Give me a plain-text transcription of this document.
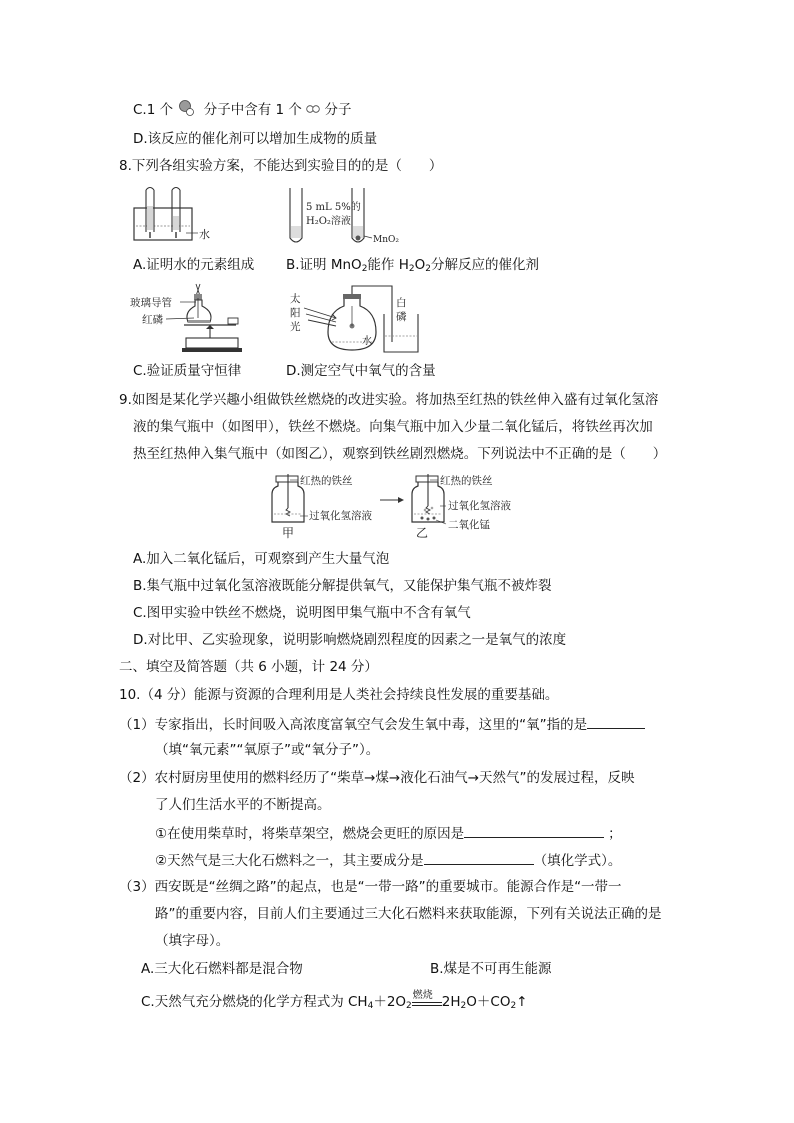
C.1 个 分子中含有 1 个 分子
D.该反应的催化剂可以增加生成物的质量
8.下列各组实验方案，不能达到实验目的的是（　　）
水
5 mL 5%的
H₂O₂溶液
MnO₂
A.证明水的元素组成 B.证明 MnO$_2$能作 $H_2O_2$分解反应的催化剂
玻璃导管
红磷
太
阳
光
白
磷
水
C.验证质量守恒律	D.测定空气中氧气的含量
9.如图是某化学兴趣小组做铁丝燃烧的改进实验。将加热至红热的铁丝伸入盛有过氧化氢溶
液的集气瓶中（如图甲），铁丝不燃烧。向集气瓶中加入少量二氧化锰后，将铁丝再次加
热至红热伸入集气瓶中（如图乙），观察到铁丝剧烈燃烧。下列说法中不正确的是（　　）
红热的铁丝
过氧化氢溶液
甲
红热的铁丝
过氧化氢溶液
二氧化锰
乙
A.加入二氧化锰后，可观察到产生大量气泡
B.集气瓶中过氧化氢溶液既能分解提供氧气，又能保护集气瓶不被炸裂
C.图甲实验中铁丝不燃烧，说明图甲集气瓶中不含有氧气
D.对比甲、乙实验现象，说明影响燃烧剧烈程度的因素之一是氧气的浓度
二、填空及简答题（共 6 小题，计 24 分）
10.（4 分）能源与资源的合理利用是人类社会持续良性发展的重要基础。
（1）专家指出，长时间吸入高浓度富氧空气会发生氧中毒，这里的“氧”指的是
（填“氧元素”“氧原子”或“氧分子”）。
（2）农村厨房里使用的燃料经历了“柴草→煤→液化石油气→天然气”的发展过程，反映
了人们生活水平的不断提高。
①在使用柴草时，将柴草架空，燃烧会更旺的原因是	；
②天然气是三大化石燃料之一，其主要成分是	（填化学式）。
（3）西安既是“丝绸之路”的起点，也是“一带一路”的重要城市。能源合作是“一带一
路”的重要内容，目前人们主要通过三大化石燃料来获取能源，下列有关说法正确的是
（填字母）。
A.三大化石燃料都是混合物	B.煤是不可再生能源
C.天然气充分燃烧的化学方程式为 $CH_4+2O_2$
燃烧 $2H_2O+CO_2↑$
